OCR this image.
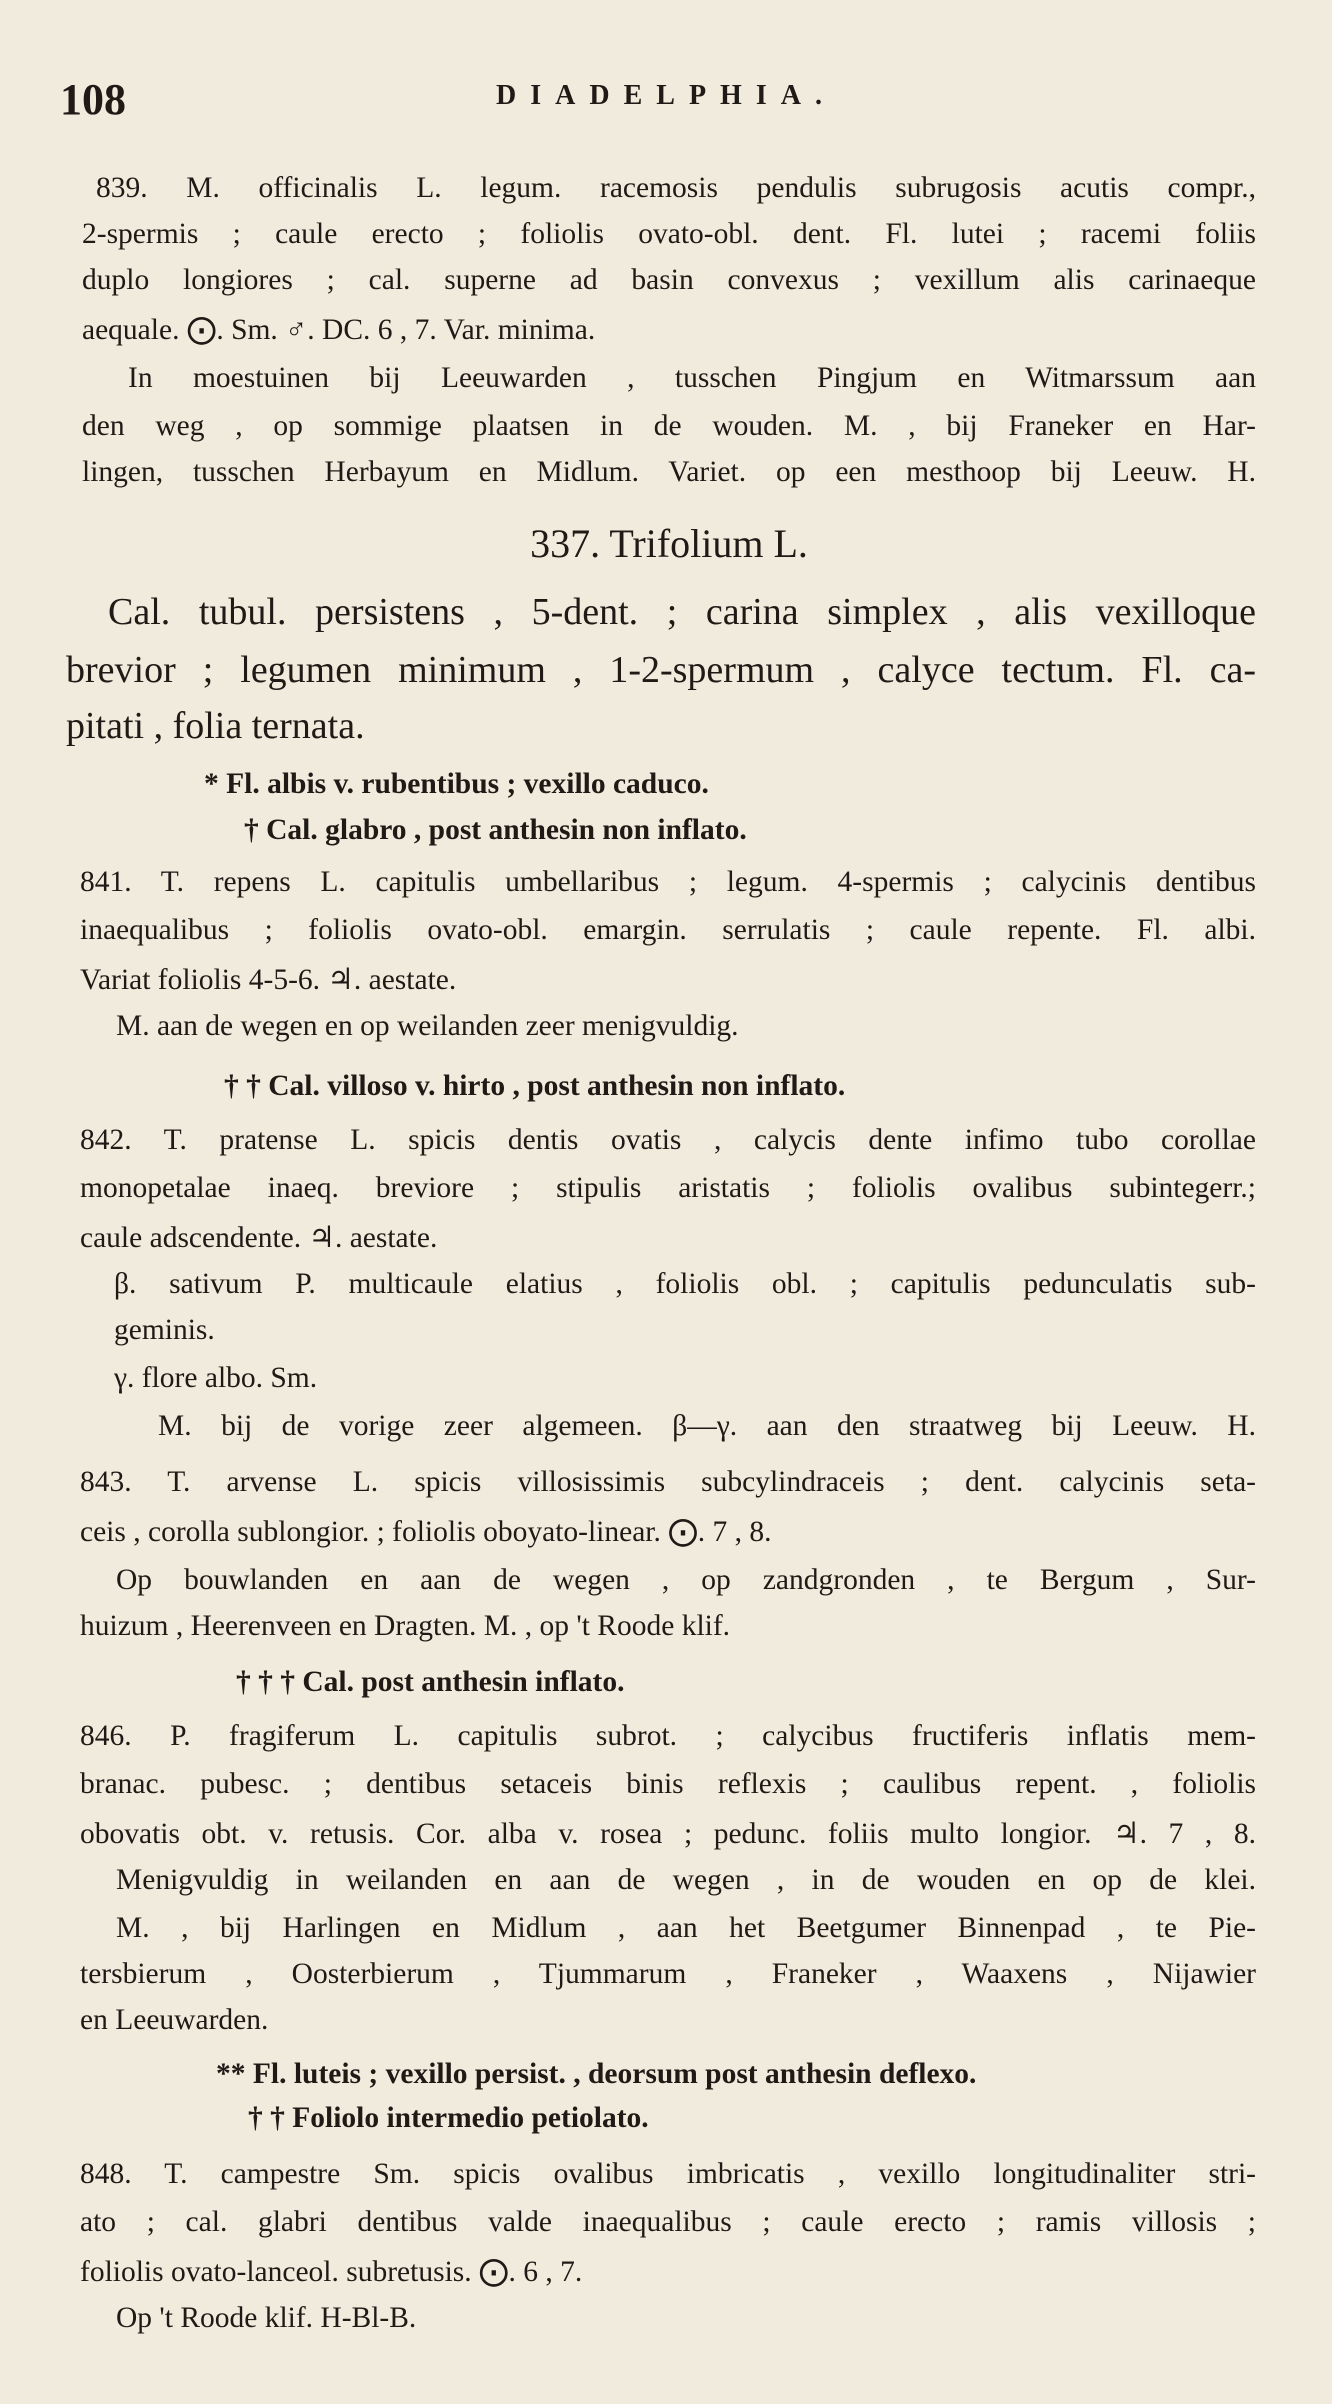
108	DIADELPHIA.
839. M. officinalis L. legum. racemosis pendulis subrugosis acutis compr.,
2-spermis ; caule erecto ; foliolis ovato-obl. dent. Fl. lutei ; racemi foliis
duplo longiores ; cal. superne ad basin convexus ; vexillum alis carinaeque
aequale. ⨀. Sm. ♂. DC. 6 , 7. Var. minima.
In moestuinen bij Leeuwarden , tusschen Pingjum en Witmarssum aan
den weg , op sommige plaatsen in de wouden. M. , bij Franeker en Har-
lingen, tusschen Herbayum en Midlum. Variet. op een mesthoop bij Leeuw. H.
337. Trifolium L.
Cal. tubul. persistens , 5-dent. ; carina simplex , alis vexilloque
brevior ; legumen minimum , 1-2-spermum , calyce tectum. Fl. ca-
pitati , folia ternata.
* Fl. albis v. rubentibus ; vexillo caduco.
† Cal. glabro , post anthesin non inflato.
841. T. repens L. capitulis umbellaribus ; legum. 4-spermis ; calycinis dentibus
inaequalibus ; foliolis ovato-obl. emargin. serrulatis ; caule repente. Fl. albi.
Variat foliolis 4-5-6. ♃. aestate.
M. aan de wegen en op weilanden zeer menigvuldig.
† † Cal. villoso v. hirto , post anthesin non inflato.
842. T. pratense L. spicis dentis ovatis , calycis dente infimo tubo corollae
monopetalae inaeq. breviore ; stipulis aristatis ; foliolis ovalibus subintegerr.;
caule adscendente. ♃. aestate.
β. sativum P. multicaule elatius , foliolis obl. ; capitulis pedunculatis sub-
geminis.
γ. flore albo. Sm.
M. bij de vorige zeer algemeen. β—γ. aan den straatweg bij Leeuw. H.
843. T. arvense L. spicis villosissimis subcylindraceis ; dent. calycinis seta-
ceis , corolla sublongior. ; foliolis oboyato-linear. ⨀. 7 , 8.
Op bouwlanden en aan de wegen , op zandgronden , te Bergum , Sur-
huizum , Heerenveen en Dragten. M. , op 't Roode klif.
† † † Cal. post anthesin inflato.
846. P. fragiferum L. capitulis subrot. ; calycibus fructiferis inflatis mem-
branac. pubesc. ; dentibus setaceis binis reflexis ; caulibus repent. , foliolis
obovatis obt. v. retusis. Cor. alba v. rosea ; pedunc. foliis multo longior. ♃. 7 , 8.
Menigvuldig in weilanden en aan de wegen , in de wouden en op de klei.
M. , bij Harlingen en Midlum , aan het Beetgumer Binnenpad , te Pie-
tersbierum , Oosterbierum , Tjummarum , Franeker , Waaxens , Nijawier
en Leeuwarden.
** Fl. luteis ; vexillo persist. , deorsum post anthesin deflexo.
† † Foliolo intermedio petiolato.
848. T. campestre Sm. spicis ovalibus imbricatis , vexillo longitudinaliter stri-
ato ; cal. glabri dentibus valde inaequalibus ; caule erecto ; ramis villosis ;
foliolis ovato-lanceol. subretusis. ⨀. 6 , 7.
Op 't Roode klif. H-Bl-B.
